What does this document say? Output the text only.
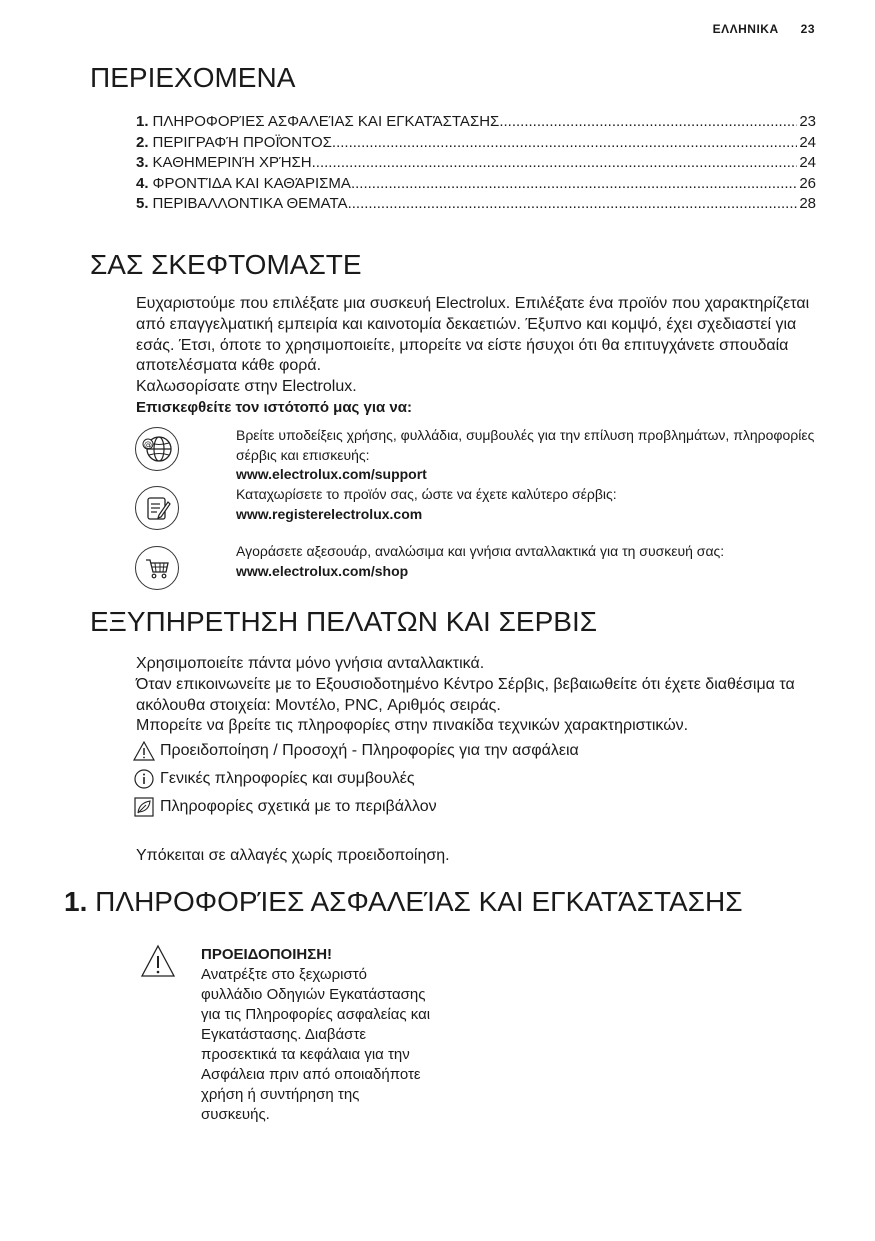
ΕΛΛΗΝΙΚΑ 23
ΠΕΡΙΕΧΟΜΕΝΑ
1. ΠΛΗΡΟΦΟΡΊΕΣ ΑΣΦΑΛΕΊΑΣ ΚΑΙ ΕΓΚΑΤΆΣΤΑΣΗΣ .....	23
2. ΠΕΡΙΓΡΑΦΉ ΠΡΟΪΌΝΤΟΣ .....	24
3. ΚΑΘΗΜΕΡΙΝΉ ΧΡΉΣΗ .....	24
4. ΦΡΟΝΤΊΔΑ ΚΑΙ ΚΑΘΆΡΙΣΜΑ .....	26
5. ΠΕΡΙΒΑΛΛΟΝΤΙΚΑ ΘΕΜΑΤΑ .....	28
ΣΑΣ ΣΚΕΦΤΟΜΑΣΤΕ

Ευχαριστούμε που επιλέξατε μια συσκευή Electrolux. Επιλέξατε ένα προϊόν που χαρακτηρίζεται από επαγγελματική εμπειρία και καινοτομία δεκαετιών. Έξυπνο και κομψό, έχει σχεδιαστεί για εσάς. Έτσι, όποτε το χρησιμοποιείτε, μπορείτε να είστε ήσυχοι ότι θα επιτυγχάνετε σπουδαία αποτελέσματα κάθε φορά.

Καλωσορίσατε στην Electrolux.

Επισκεφθείτε τον ιστότοπό μας για να:

@
Βρείτε υποδείξεις χρήσης, φυλλάδια, συμβουλές για την επίλυση προβλημάτων, πληροφορίες σέρβις και επισκευής:
www.electrolux.com/support
Καταχωρίσετε το προϊόν σας, ώστε να έχετε καλύτερο σέρβις:
www.registerelectrolux.com
Αγοράσετε αξεσουάρ, αναλώσιμα και γνήσια ανταλλακτικά για τη συσκευή σας:
www.electrolux.com/shop
ΕΞΥΠΗΡΕΤΗΣΗ ΠΕΛΑΤΩΝ ΚΑΙ ΣΕΡΒΙΣ

Χρησιμοποιείτε πάντα μόνο γνήσια ανταλλακτικά.

Όταν επικοινωνείτε με το Εξουσιοδοτημένο Κέντρο Σέρβις, βεβαιωθείτε ότι έχετε διαθέσιμα τα ακόλουθα στοιχεία: Μοντέλο, PNC, Αριθμός σειράς.

Μπορείτε να βρείτε τις πληροφορίες στην πινακίδα τεχνικών χαρακτηριστικών.

Προειδοποίηση / Προσοχή - Πληροφορίες για την ασφάλεια
Γενικές πληροφορίες και συμβουλές
Πληροφορίες σχετικά με το περιβάλλον
Υπόκειται σε αλλαγές χωρίς προειδοποίηση.
1. ΠΛΗΡΟΦΟΡΊΕΣ ΑΣΦΑΛΕΊΑΣ ΚΑΙ ΕΓΚΑΤΆΣΤΑΣΗΣ
ΠΡΟΕΙΔΟΠΟΙΗΣΗ!
Ανατρέξτε στο ξεχωριστό φυλλάδιο Οδηγιών Εγκατάστασης για τις Πληροφορίες ασφαλείας και Εγκατάστασης. Διαβάστε προσεκτικά τα κεφάλαια για την Ασφάλεια πριν από οποιαδήποτε χρήση ή συντήρηση της συσκευής.
